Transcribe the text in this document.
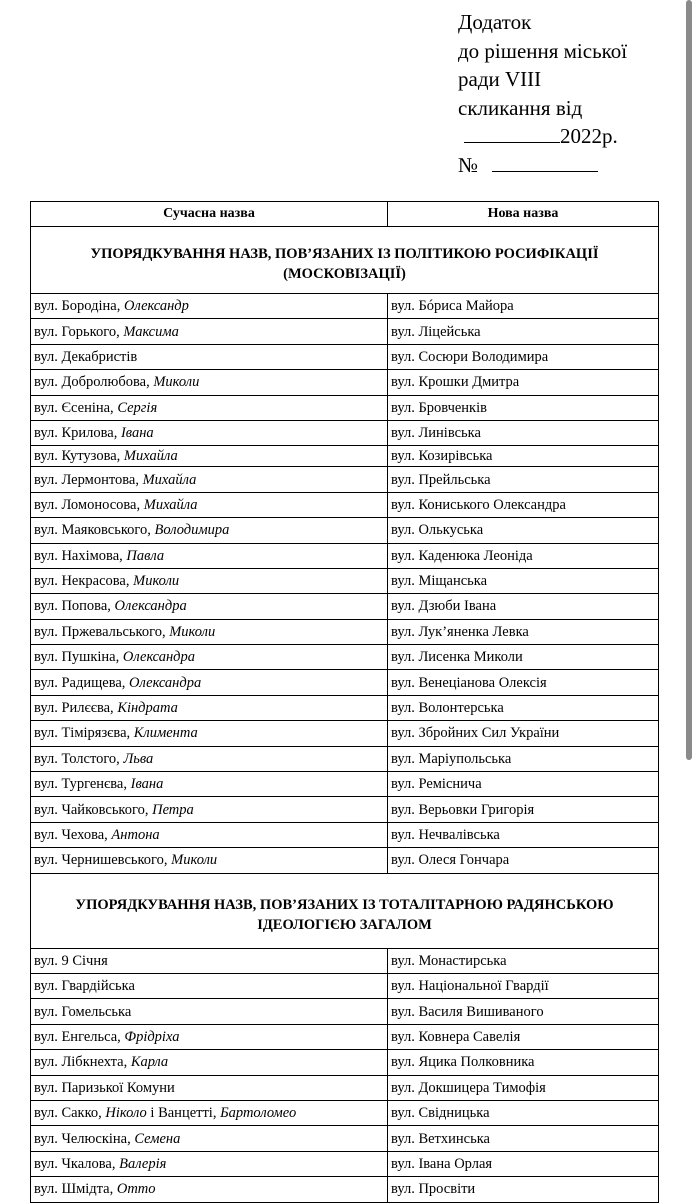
Додаток
до рішення міської
ради VIII
скликання від
2022р.
№
Сучасна назва	Нова назва
УПОРЯДКУВАННЯ НАЗВ, ПОВ’ЯЗАНИХ ІЗ ПОЛІТИКОЮ РОСИФІКАЦІЇ (МОСКОВІЗАЦІЇ)	
вул. Бородіна, Олександр	вул. Бóриса Майора
вул. Горького, Максима	вул. Ліцейська
вул. Декабристів	вул. Сосюри Володимира
вул. Добролюбова, Миколи	вул. Крошки Дмитра
вул. Єсеніна, Сергія	вул. Бровченків
вул. Крилова, Івана	вул. Линівська
вул. Кутузова, Михайла	вул. Козирівська
вул. Лермонтова, Михайла	вул. Прейльська
вул. Ломоносова, Михайла	вул. Кониського Олександра
вул. Маяковського, Володимира	вул. Олькуська
вул. Нахімова, Павла	вул. Каденюка Леоніда
вул. Некрасова, Миколи	вул. Міщанська
вул. Попова, Олександра	вул. Дзюби Івана
вул. Пржевальського, Миколи	вул. Лук’яненка Левка
вул. Пушкіна, Олександра	вул. Лисенка Миколи
вул. Радищева, Олександра	вул. Венеціанова Олексія
вул. Рилєєва, Кіндрата	вул. Волонтерська
вул. Тімірязєва, Климента	вул. Збройних Сил України
вул. Толстого, Льва	вул. Маріупольська
вул. Тургенєва, Івана	вул. Реміснича
вул. Чайковського, Петра	вул. Верьовки Григорія
вул. Чехова, Антона	вул. Нечвалівська
вул. Чернишевського, Миколи	вул. Олеся Гончара
УПОРЯДКУВАННЯ НАЗВ, ПОВ’ЯЗАНИХ ІЗ ТОТАЛІТАРНОЮ РАДЯНСЬКОЮ ІДЕОЛОГІЄЮ ЗАГАЛОМ	
вул. 9 Січня	вул. Монастирська
вул. Гвардійська	вул. Національної Гвардії
вул. Гомельська	вул. Василя Вишиваного
вул. Енгельса, Фрідріха	вул. Ковнера Савелія
вул. Лібкнехта, Карла	вул. Яцика Полковника
вул. Паризької Комуни	вул. Докшицера Тимофія
вул. Сакко, Ніколо і Ванцетті, Бартоломео	вул. Свідницька
вул. Челюскіна, Семена	вул. Ветхинська
вул. Чкалова, Валерія	вул. Івана Орлая
вул. Шмідта, Отто	вул. Просвіти
